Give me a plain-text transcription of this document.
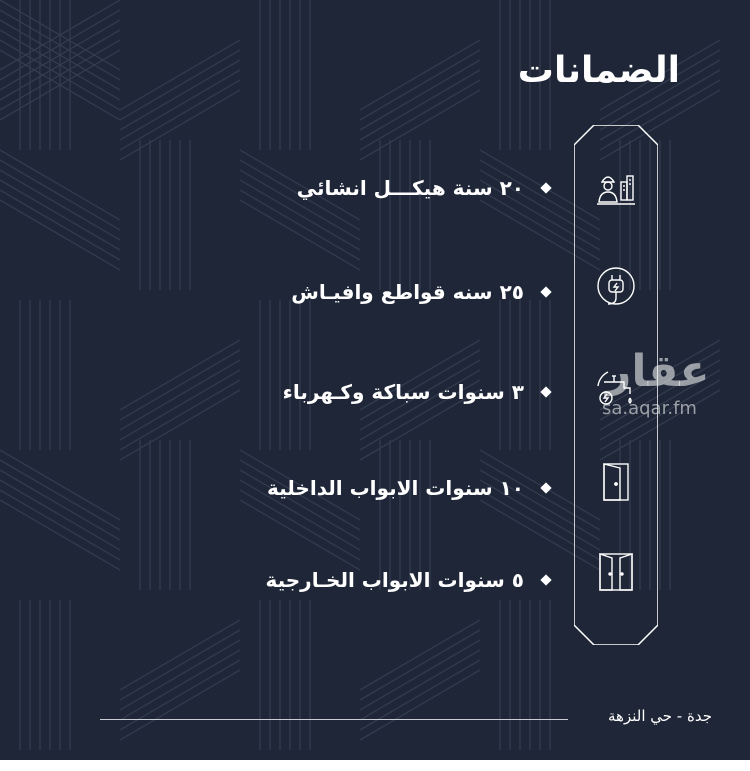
الضمانات
٢٠ سنة هيكـــل انشائي
٢٥ سنه قواطع وافيـاش
٣ سنوات سباكة وكـهرباء
١٠ سنوات الابواب الداخلية
٥ سنوات الابواب الخـارجية
جدة - حي النزهة
عقار
sa.aqar.fm
